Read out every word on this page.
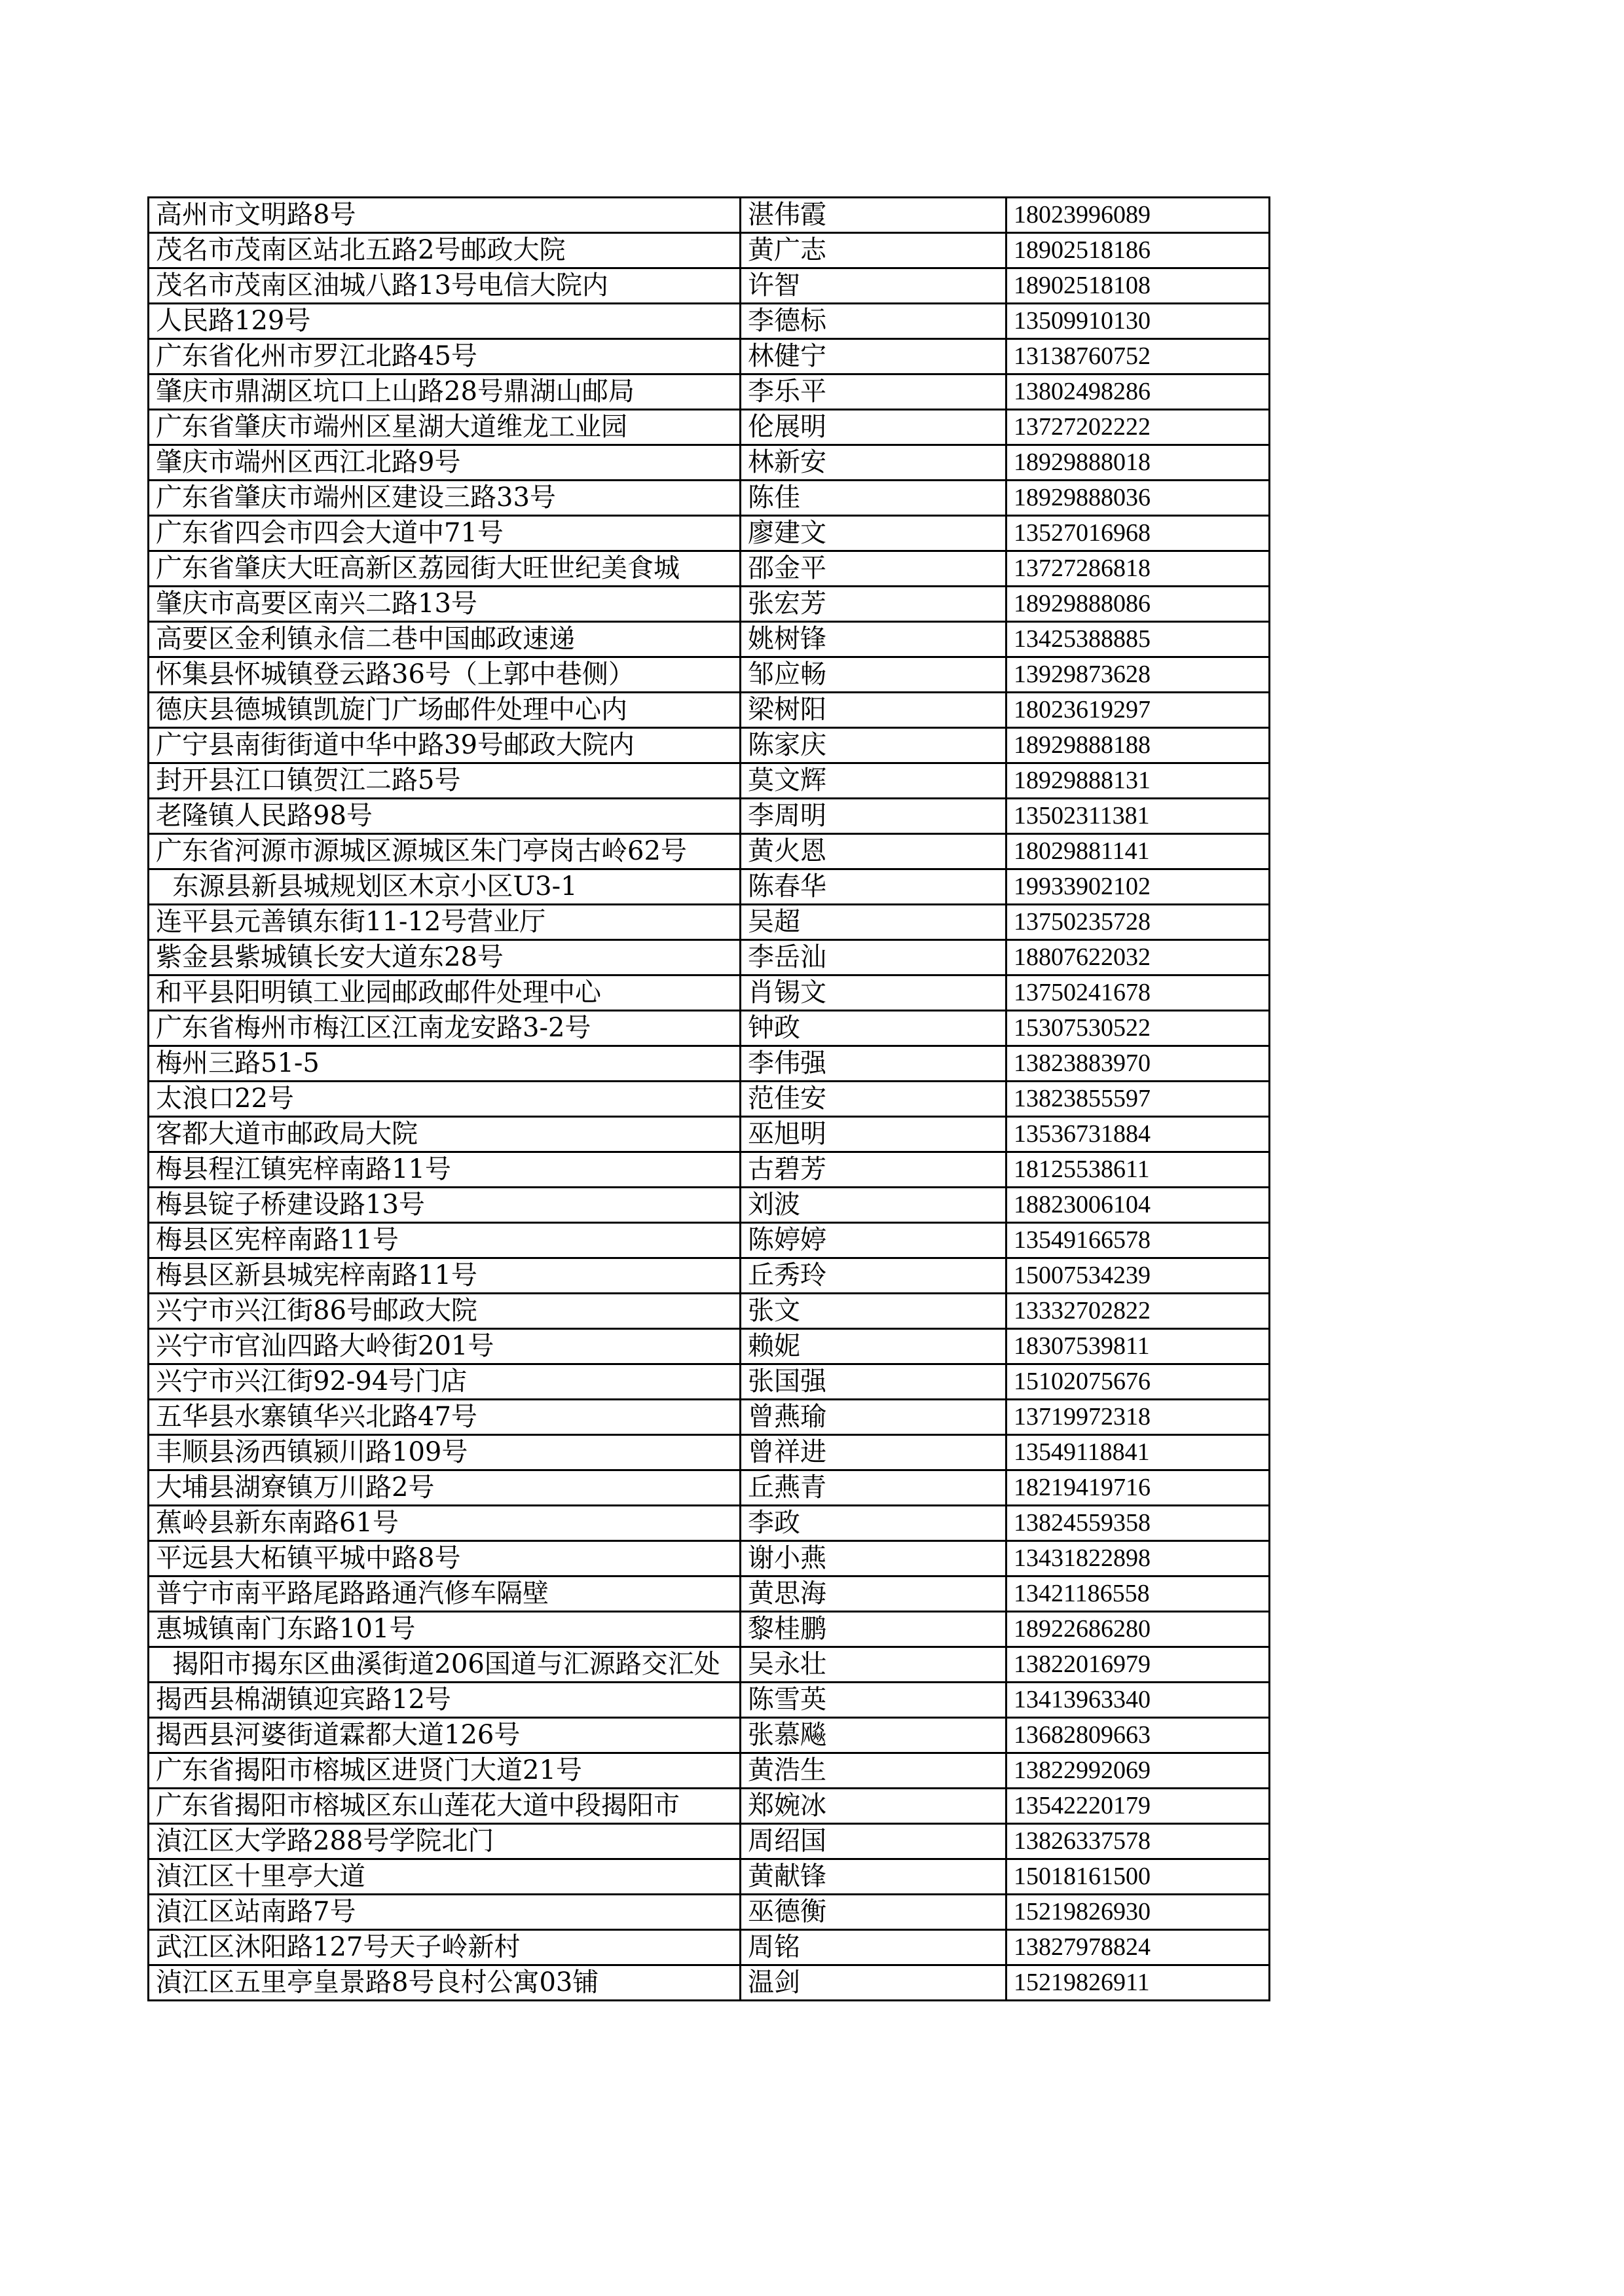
高州市文明路8号	湛伟霞	18023996089
茂名市茂南区站北五路2号邮政大院	黄广志	18902518186
茂名市茂南区油城八路13号电信大院内	许智	18902518108
人民路129号	李德标	13509910130
广东省化州市罗江北路45号	林健宁	13138760752
肇庆市鼎湖区坑口上山路28号鼎湖山邮局	李乐平	13802498286
广东省肇庆市端州区星湖大道维龙工业园	伦展明	13727202222
肇庆市端州区西江北路9号	林新安	18929888018
广东省肇庆市端州区建设三路33号	陈佳	18929888036
广东省四会市四会大道中71号	廖建文	13527016968
广东省肇庆大旺高新区荔园街大旺世纪美食城	邵金平	13727286818
肇庆市高要区南兴二路13号	张宏芳	18929888086
高要区金利镇永信二巷中国邮政速递	姚树锋	13425388885
怀集县怀城镇登云路36号（上郭中巷侧）	邹应畅	13929873628
德庆县德城镇凯旋门广场邮件处理中心内	梁树阳	18023619297
广宁县南街街道中华中路39号邮政大院内	陈家庆	18929888188
封开县江口镇贺江二路5号	莫文辉	18929888131
老隆镇人民路98号	李周明	13502311381
广东省河源市源城区源城区朱门亭岗古岭62号	黄火恩	18029881141
东源县新县城规划区木京小区U3-1	陈春华	19933902102
连平县元善镇东街11-12号营业厅	吴超	13750235728
紫金县紫城镇长安大道东28号	李岳汕	18807622032
和平县阳明镇工业园邮政邮件处理中心	肖锡文	13750241678
广东省梅州市梅江区江南龙安路3-2号	钟政	15307530522
梅州三路51-5	李伟强	13823883970
太浪口22号	范佳安	13823855597
客都大道市邮政局大院	巫旭明	13536731884
梅县程江镇宪梓南路11号	古碧芳	18125538611
梅县锭子桥建设路13号	刘波	18823006104
梅县区宪梓南路11号	陈婷婷	13549166578
梅县区新县城宪梓南路11号	丘秀玲	15007534239
兴宁市兴江街86号邮政大院	张文	13332702822
兴宁市官汕四路大岭街201号	赖妮	18307539811
兴宁市兴江街92-94号门店	张国强	15102075676
五华县水寨镇华兴北路47号	曾燕瑜	13719972318
丰顺县汤西镇颍川路109号	曾祥进	13549118841
大埔县湖寮镇万川路2号	丘燕青	18219419716
蕉岭县新东南路61号	李政	13824559358
平远县大柘镇平城中路8号	谢小燕	13431822898
普宁市南平路尾路路通汽修车隔壁	黄思海	13421186558
惠城镇南门东路101号	黎桂鹏	18922686280
揭阳市揭东区曲溪街道206国道与汇源路交汇处	吴永壮	13822016979
揭西县棉湖镇迎宾路12号	陈雪英	13413963340
揭西县河婆街道霖都大道126号	张慕飚	13682809663
广东省揭阳市榕城区进贤门大道21号	黄浩生	13822992069
广东省揭阳市榕城区东山莲花大道中段揭阳市	郑婉冰	13542220179
湞江区大学路288号学院北门	周绍国	13826337578
湞江区十里亭大道	黄献锋	15018161500
湞江区站南路7号	巫德衡	15219826930
武江区沐阳路127号天子岭新村	周铭	13827978824
湞江区五里亭皇景路8号良村公寓03铺	温剑	15219826911
